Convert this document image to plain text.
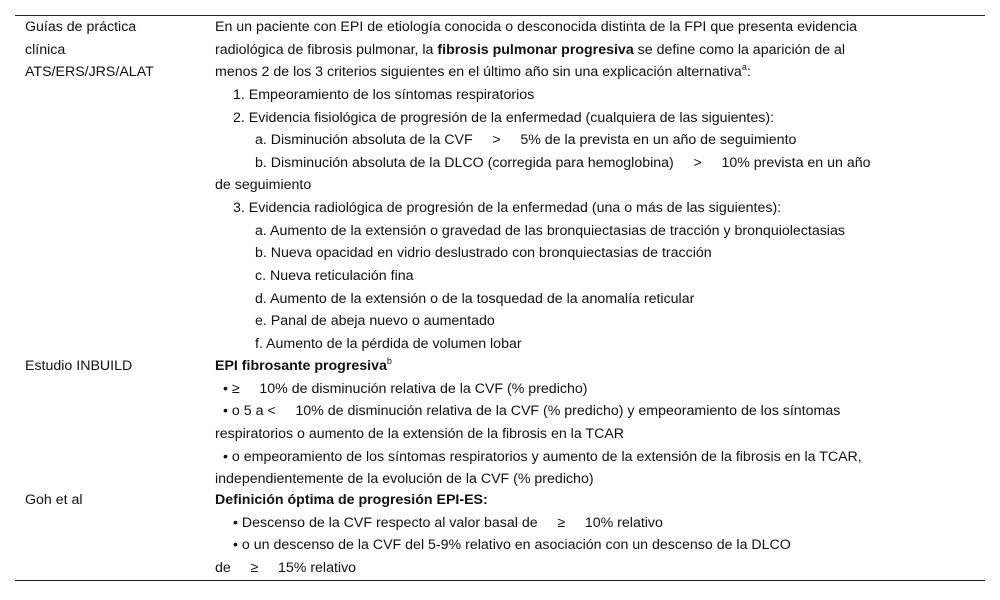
Guías de práctica
clínica
ATS/ERS/JRS/ALAT
En un paciente con EPI de etiología conocida o desconocida distinta de la FPI que presenta evidencia
radiológica de fibrosis pulmonar, la fibrosis pulmonar progresiva se define como la aparición de al
menos 2 de los 3 criterios siguientes en el último año sin una explicación alternativa$^a$:
1. Empeoramiento de los síntomas respiratorios
2. Evidencia fisiológica de progresión de la enfermedad (cualquiera de las siguientes):
a. Disminución absoluta de la CVF     >     5% de la prevista en un año de seguimiento
b. Disminución absoluta de la DLCO (corregida para hemoglobina)     >     10% prevista en un año
de seguimiento
3. Evidencia radiológica de progresión de la enfermedad (una o más de las siguientes):
a. Aumento de la extensión o gravedad de las bronquiectasias de tracción y bronquiolectasias
b. Nueva opacidad en vidrio deslustrado con bronquiectasias de tracción
c. Nueva reticulación fina
d. Aumento de la extensión o de la tosquedad de la anomalía reticular
e. Panal de abeja nuevo o aumentado
f. Aumento de la pérdida de volumen lobar
Estudio INBUILD	EPI fibrosante progresiva$^b$
• ≥     10% de disminución relativa de la CVF (% predicho)
• o 5 a <     10% de disminución relativa de la CVF (% predicho) y empeoramiento de los síntomas
respiratorios o aumento de la extensión de la fibrosis en la TCAR
• o empeoramiento de los síntomas respiratorios y aumento de la extensión de la fibrosis en la TCAR,
independientemente de la evolución de la CVF (% predicho)
Goh et al	Definición óptima de progresión EPI-ES:
• Descenso de la CVF respecto al valor basal de     ≥     10% relativo
• o un descenso de la CVF del 5-9% relativo en asociación con un descenso de la DLCO
de     ≥     15% relativo
